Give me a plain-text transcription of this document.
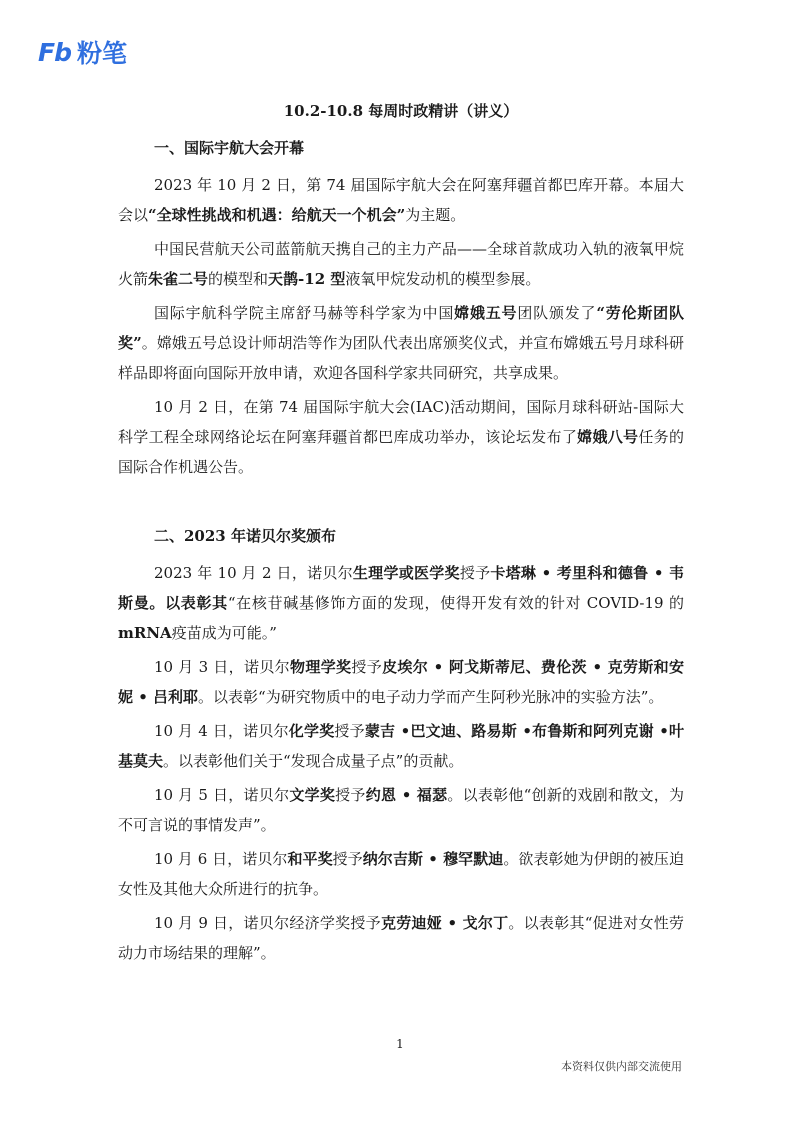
Fb 粉笔
10.2-10.8 每周时政精讲（讲义）
一、国际宇航大会开幕

2023 年 10 月 2 日，第 74 届国际宇航大会在阿塞拜疆首都巴库开幕。本届大会以“全球性挑战和机遇：给航天一个机会”为主题。

中国民营航天公司蓝箭航天携自己的主力产品——全球首款成功入轨的液氧甲烷火箭朱雀二号的模型和天鹊-12 型液氧甲烷发动机的模型参展。

国际宇航科学院主席舒马赫等科学家为中国嫦娥五号团队颁发了“劳伦斯团队奖”。嫦娥五号总设计师胡浩等作为团队代表出席颁奖仪式，并宣布嫦娥五号月球科研样品即将面向国际开放申请，欢迎各国科学家共同研究，共享成果。

10 月 2 日，在第 74 届国际宇航大会(IAC)活动期间，国际月球科研站-国际大科学工程全球网络论坛在阿塞拜疆首都巴库成功举办，该论坛发布了嫦娥八号任务的国际合作机遇公告。

二、2023 年诺贝尔奖颁布

2023 年 10 月 2 日，诺贝尔生理学或医学奖授予卡塔琳 • 考里科和德鲁 • 韦斯曼。以表彰其“在核苷碱基修饰方面的发现，使得开发有效的针对 COVID-19 的mRNA疫苗成为可能。”

10 月 3 日，诺贝尔物理学奖授予皮埃尔 • 阿戈斯蒂尼、费伦茨 • 克劳斯和安妮 • 吕利耶。以表彰“为研究物质中的电子动力学而产生阿秒光脉冲的实验方法”。

10 月 4 日，诺贝尔化学奖授予蒙吉 •巴文迪、路易斯 •布鲁斯和阿列克谢 •叶基莫夫。以表彰他们关于“发现合成量子点”的贡献。

10 月 5 日，诺贝尔文学奖授予约恩 • 福瑟。以表彰他“创新的戏剧和散文，为不可言说的事情发声”。

10 月 6 日，诺贝尔和平奖授予纳尔吉斯 • 穆罕默迪。欲表彰她为伊朗的被压迫女性及其他大众所进行的抗争。

10 月 9 日，诺贝尔经济学奖授予克劳迪娅 • 戈尔丁。以表彰其“促进对女性劳动力市场结果的理解”。

1
本资料仅供内部交流使用
